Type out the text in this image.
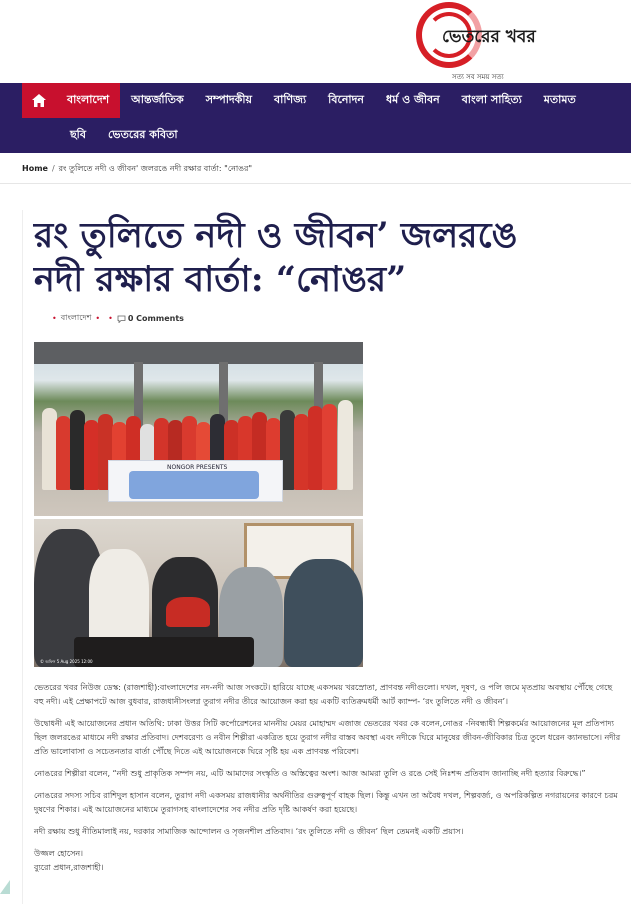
ভেতরের খবর
সত্য সব সময় সত্য
বাংলাদেশ	আন্তর্জাতিক	সম্পাদকীয়	বাণিজ্য	বিনোদন	ধর্ম ও জীবন	বাংলা সাহিত্য	মতামত
ছবি	ভেতরের কবিতা
Home / রং তুলিতে নদী ও জীবন' জলরঙে নদী রক্ষার বার্তা: "নোঙর"
রং তুলিতে নদী ও জীবন’ জলরঙে
নদী রক্ষার বার্তা: “নোঙর”
• বাংলাদেশ • • 0 Comments
NONGOR PRESENTS
© অফিস 5 Aug 2025 12:00

ভেতরের খবর নিউজ ডেস্ক: (রাজশাহী):বাংলাদেশের নদ-নদী আজ সংকটে। হারিয়ে যাচ্ছে একসময় খরস্রোতা, প্রাণবন্ত নদীগুলো। দখল, দূষণ, ও পলি জমে মৃতপ্রায় অবস্থায় পৌঁছে গেছে বহু নদী। এই প্রেক্ষাপটে আজ বুধবার, রাজধানীসংলগ্ন তুরাগ নদীর তীরে আয়োজন করা হয় একটি ব্যতিক্রমধর্মী আর্ট ক্যাম্প- ‘রং তুলিতে নদী ও জীবন’।

উদ্বোধনী এই আয়োজনের প্রধান অতিথি: ঢাকা উত্তর সিটি কর্পোরেশনের মাননীয় মেয়র মোহাম্মদ এজাজ ভেতরের খবর কে বলেন,নোঙর -নিবন্ধাধী শিল্পকর্মের আয়োজনের মূল প্রতিপাদ্য ছিল জলরঙের মাধ্যমে নদী রক্ষার প্রতিবাদ। দেশবরেণ্য ও নবীন শিল্পীরা একত্রিত হয়ে তুরাগ নদীর বাস্তব অবস্থা এবং নদীকে ঘিরে মানুষের জীবন-জীবিকার চিত্র তুলে ধরেন ক্যানভাসে। নদীর প্রতি ভালোবাসা ও সচেতনতার বার্তা পৌঁছে দিতে এই আয়োজনকে ঘিরে সৃষ্টি হয় এক প্রাণবন্ত পরিবেশ।

নোঙরের শিল্পীরা বলেন, “নদী শুধু প্রাকৃতিক সম্পদ নয়, এটি আমাদের সংস্কৃতি ও অস্তিত্বের অংশ। আজ আমরা তুলি ও রঙে সেই নিঃশব্দ প্রতিবাদ জানাচ্ছি নদী হত্যার বিরুদ্ধে।”

নোঙরের সদস্য সচিব রাশিদুল হাসান বলেন, তুরাগ নদী একসময় রাজধানীর অর্থনীতির গুরুত্বপূর্ণ বাহক ছিল। কিন্তু এখন তা অবৈধ দখল, শিল্পবর্জ্য, ও অপরিকল্পিত নগরায়নের কারণে চরম দুষণের শিকার। এই আয়োজনের মাধ্যমে তুরাগসহ বাংলাদেশের সব নদীর প্রতি দৃষ্টি আকর্ষণ করা হয়েছে।

নদী রক্ষায় শুধু নীতিমালাই নয়, দরকার সামাজিক আন্দোলন ও সৃজনশীল প্রতিবাদ। ‘রং তুলিতে নদী ও জীবন’ ছিল তেমনই একটি প্রয়াস।

উজ্জল হোসেন।

ব্যুরো প্রধান,রাজশাহী।
